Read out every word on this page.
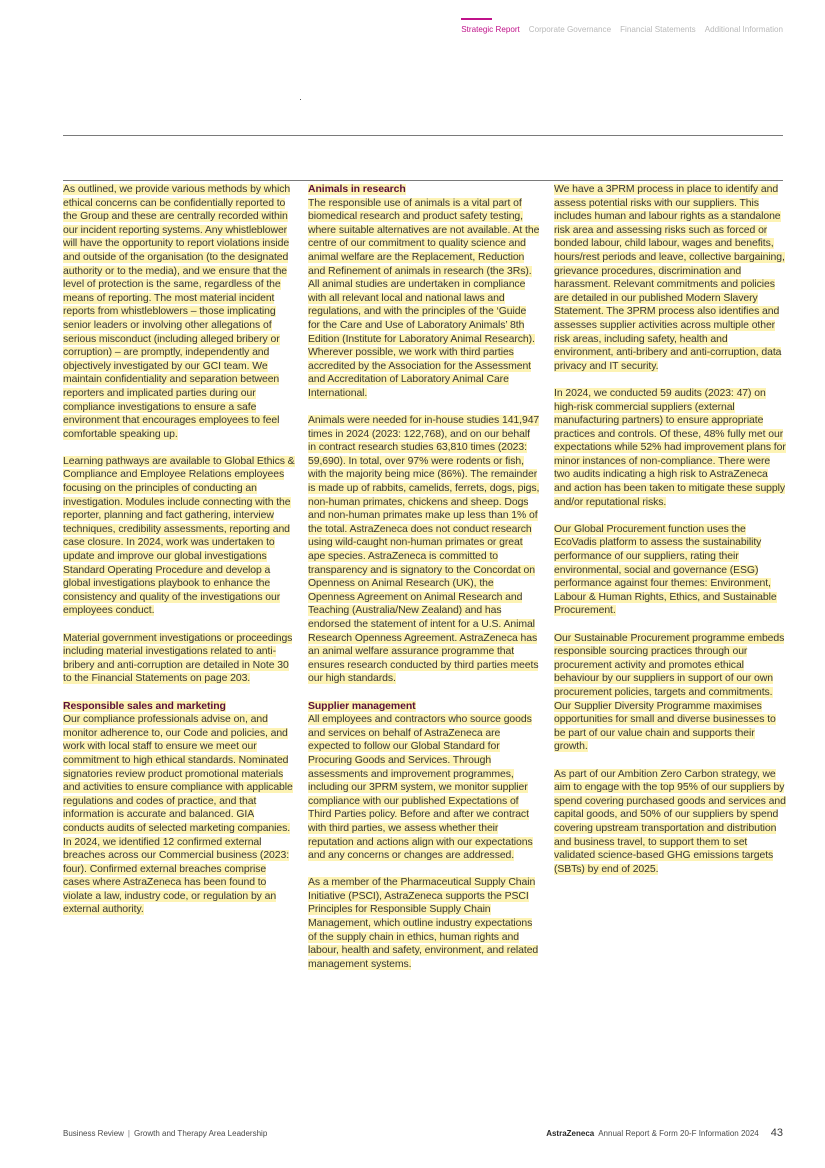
Strategic Report Corporate Governance Financial Statements Additional Information

As outlined, we provide various methods by which ethical concerns can be confidentially reported to the Group and these are centrally recorded within our incident reporting systems. Any whistleblower will have the opportunity to report violations inside and outside of the organisation (to the designated authority or to the media), and we ensure that the level of protection is the same, regardless of the means of reporting. The most material incident reports from whistleblowers – those implicating senior leaders or involving other allegations of serious misconduct (including alleged bribery or corruption) – are promptly, independently and objectively investigated by our GCI team. We maintain confidentiality and separation between reporters and implicated parties during our compliance investigations to ensure a safe environment that encourages employees to feel comfortable speaking up.

Learning pathways are available to Global Ethics & Compliance and Employee Relations employees focusing on the principles of conducting an investigation. Modules include connecting with the reporter, planning and fact gathering, interview techniques, credibility assessments, reporting and case closure. In 2024, work was undertaken to update and improve our global investigations Standard Operating Procedure and develop a global investigations playbook to enhance the consistency and quality of the investigations our employees conduct.

Material government investigations or proceedings including material investigations related to anti-bribery and anti-corruption are detailed in Note 30 to the Financial Statements on page 203.

Responsible sales and marketing

Our compliance professionals advise on, and monitor adherence to, our Code and policies, and work with local staff to ensure we meet our commitment to high ethical standards. Nominated signatories review product promotional materials and activities to ensure compliance with applicable regulations and codes of practice, and that information is accurate and balanced. GIA conducts audits of selected marketing companies. In 2024, we identified 12 confirmed external breaches across our Commercial business (2023: four). Confirmed external breaches comprise cases where AstraZeneca has been found to violate a law, industry code, or regulation by an external authority.

Animals in research

The responsible use of animals is a vital part of biomedical research and product safety testing, where suitable alternatives are not available. At the centre of our commitment to quality science and animal welfare are the Replacement, Reduction and Refinement of animals in research (the 3Rs). All animal studies are undertaken in compliance with all relevant local and national laws and regulations, and with the principles of the ‘Guide for the Care and Use of Laboratory Animals’ 8th Edition (Institute for Laboratory Animal Research). Wherever possible, we work with third parties accredited by the Association for the Assessment and Accreditation of Laboratory Animal Care International.

Animals were needed for in-house studies 141,947 times in 2024 (2023: 122,768), and on our behalf in contract research studies 63,810 times (2023: 59,690). In total, over 97% were rodents or fish, with the majority being mice (86%). The remainder is made up of rabbits, camelids, ferrets, dogs, pigs, non-human primates, chickens and sheep. Dogs and non-human primates make up less than 1% of the total. AstraZeneca does not conduct research using wild-caught non-human primates or great ape species. AstraZeneca is committed to transparency and is signatory to the Concordat on Openness on Animal Research (UK), the Openness Agreement on Animal Research and Teaching (Australia/New Zealand) and has endorsed the statement of intent for a U.S. Animal Research Openness Agreement. AstraZeneca has an animal welfare assurance programme that ensures research conducted by third parties meets our high standards.

Supplier management

All employees and contractors who source goods and services on behalf of AstraZeneca are expected to follow our Global Standard for Procuring Goods and Services. Through assessments and improvement programmes, including our 3PRM system, we monitor supplier compliance with our published Expectations of Third Parties policy. Before and after we contract with third parties, we assess whether their reputation and actions align with our expectations and any concerns or changes are addressed.

As a member of the Pharmaceutical Supply Chain Initiative (PSCI), AstraZeneca supports the PSCI Principles for Responsible Supply Chain Management, which outline industry expectations of the supply chain in ethics, human rights and labour, health and safety, environment, and related management systems.

We have a 3PRM process in place to identify and assess potential risks with our suppliers. This includes human and labour rights as a standalone risk area and assessing risks such as forced or bonded labour, child labour, wages and benefits, hours/rest periods and leave, collective bargaining, grievance procedures, discrimination and harassment. Relevant commitments and policies are detailed in our published Modern Slavery Statement. The 3PRM process also identifies and assesses supplier activities across multiple other risk areas, including safety, health and environment, anti-bribery and anti-corruption, data privacy and IT security.

In 2024, we conducted 59 audits (2023: 47) on high-risk commercial suppliers (external manufacturing partners) to ensure appropriate practices and controls. Of these, 48% fully met our expectations while 52% had improvement plans for minor instances of non-compliance. There were two audits indicating a high risk to AstraZeneca and action has been taken to mitigate these supply and/or reputational risks.

Our Global Procurement function uses the EcoVadis platform to assess the sustainability performance of our suppliers, rating their environmental, social and governance (ESG) performance against four themes: Environment, Labour & Human Rights, Ethics, and Sustainable Procurement.

Our Sustainable Procurement programme embeds responsible sourcing practices through our procurement activity and promotes ethical behaviour by our suppliers in support of our own procurement policies, targets and commitments. Our Supplier Diversity Programme maximises opportunities for small and diverse businesses to be part of our value chain and supports their growth.

As part of our Ambition Zero Carbon strategy, we aim to engage with the top 95% of our suppliers by spend covering purchased goods and services and capital goods, and 50% of our suppliers by spend covering upstream transportation and distribution and business travel, to support them to set validated science-based GHG emissions targets (SBTs) by end of 2025.

Business Review | Growth and Therapy Area Leadership	AstraZeneca Annual Report & Form 20-F Information 2024 43
